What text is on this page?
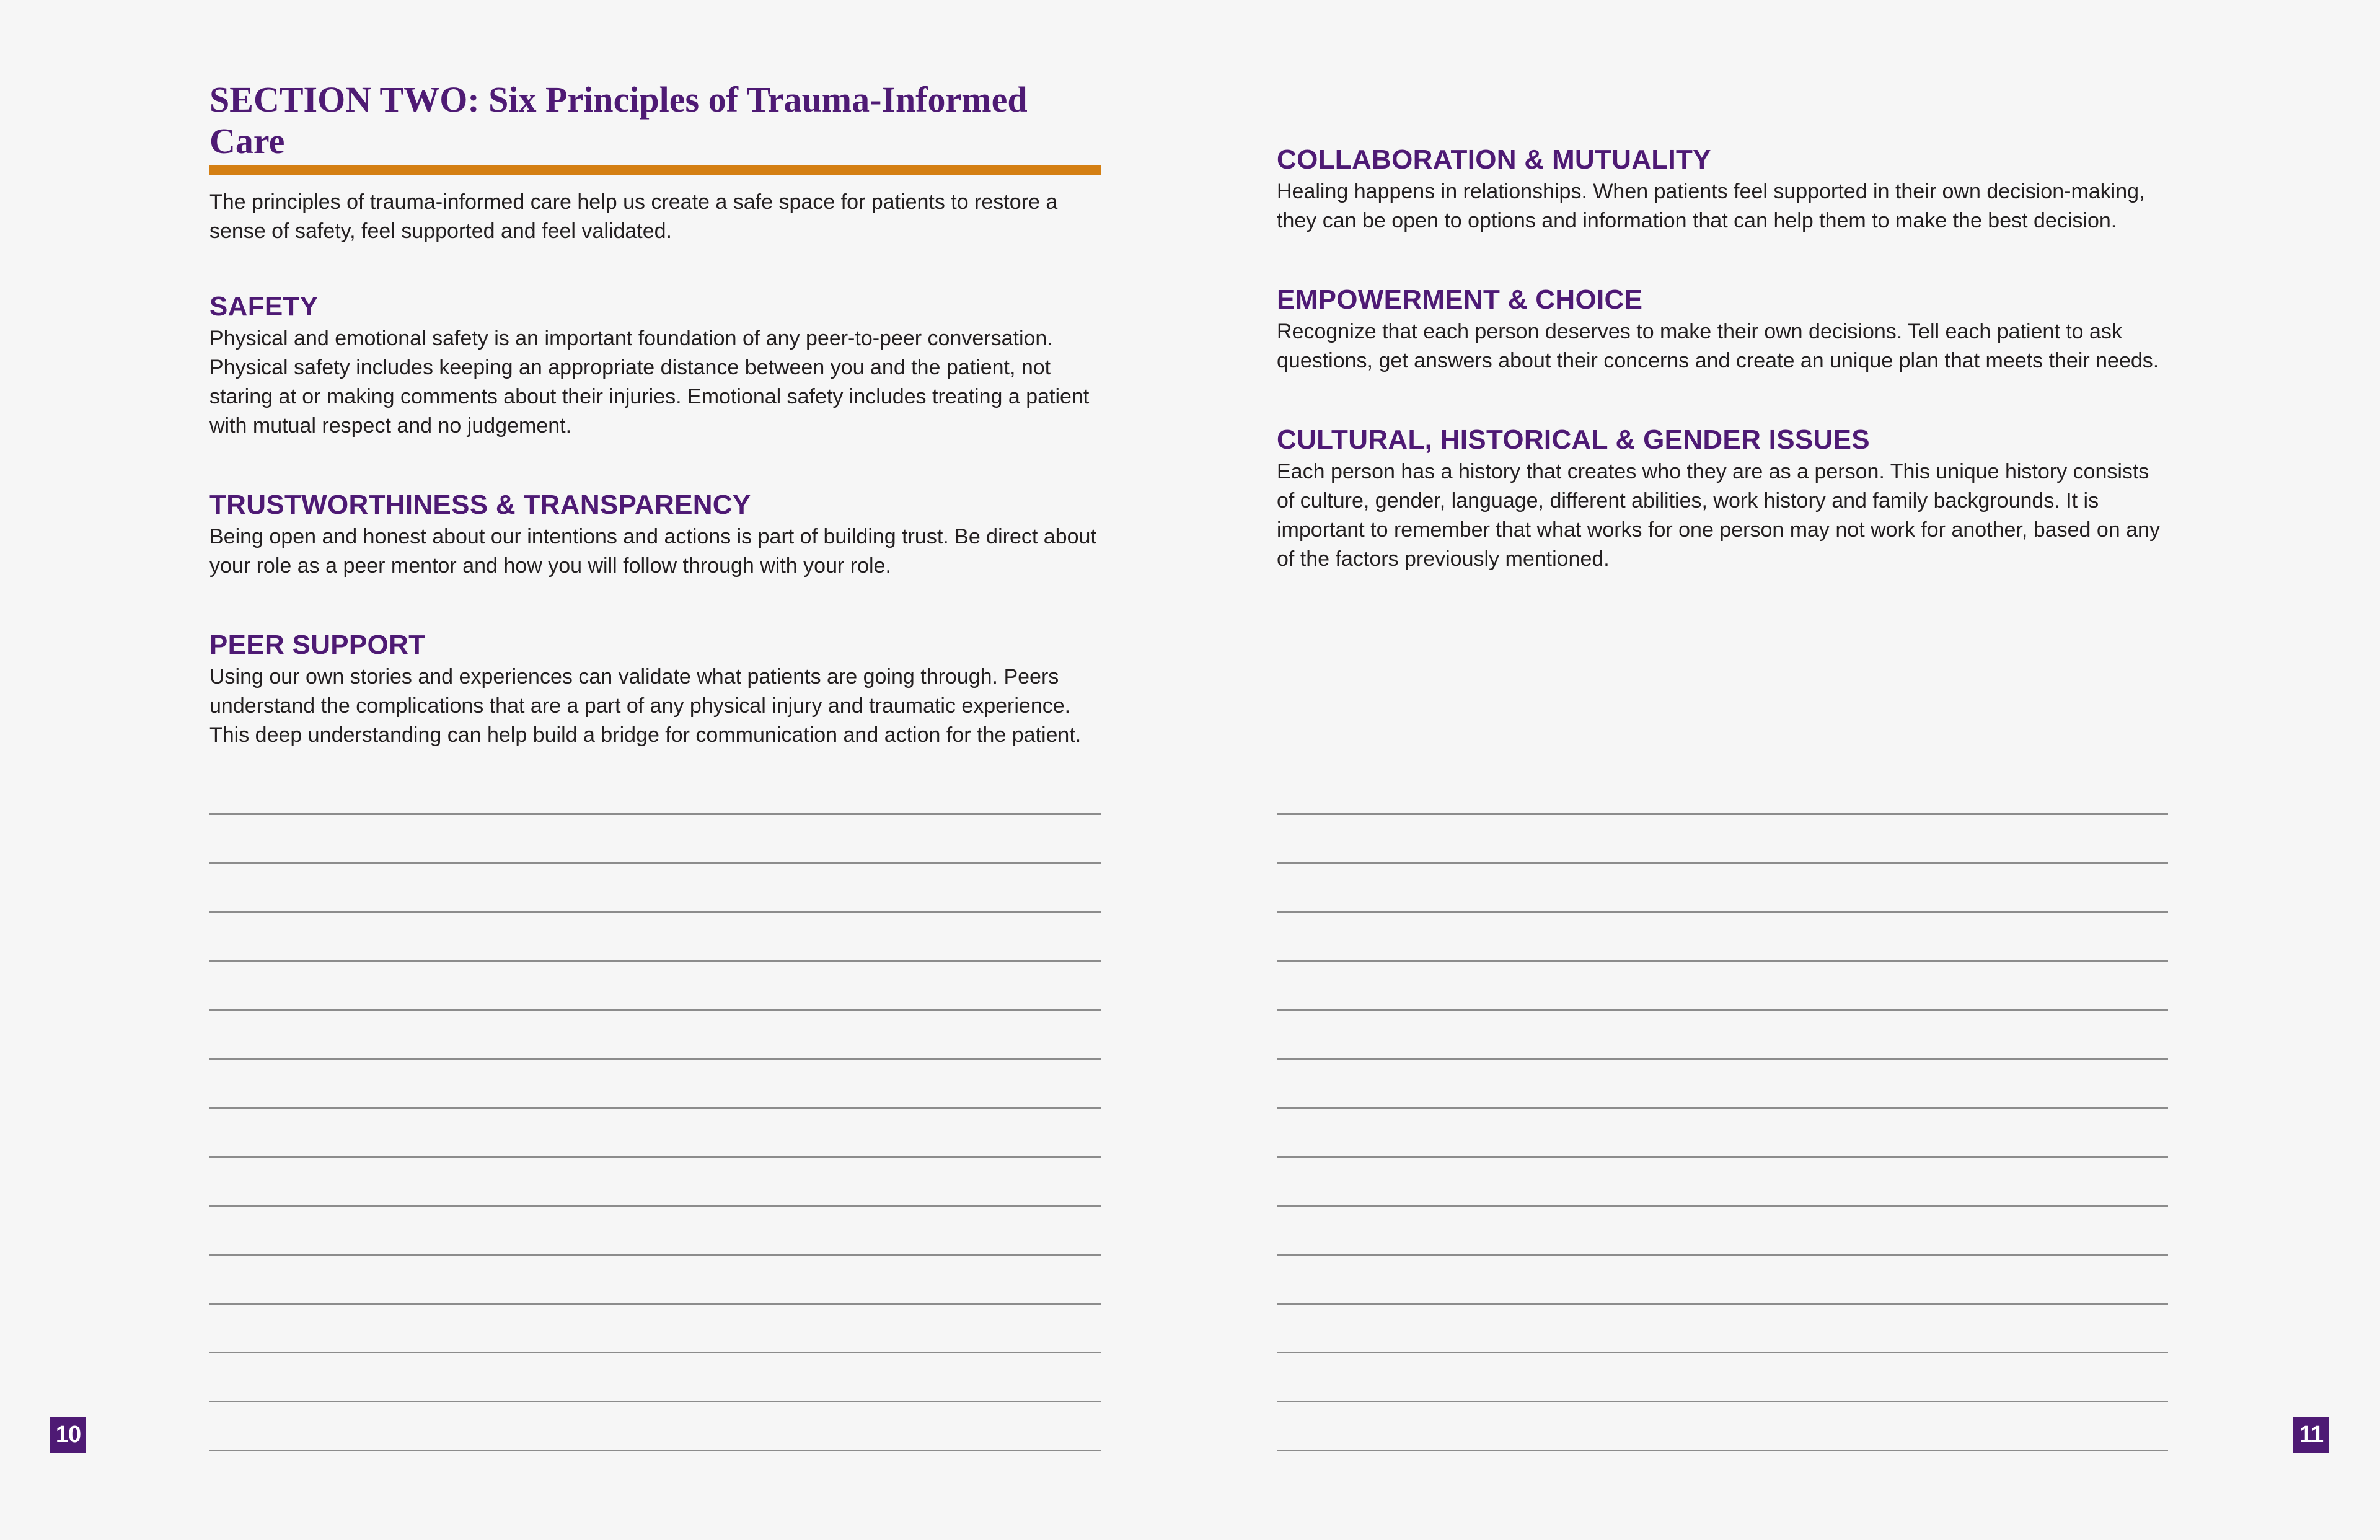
SECTION TWO: Six Principles of Trauma-Informed Care

The principles of trauma-informed care help us create a safe space for patients to restore a sense of safety, feel supported and feel validated.

SAFETY

Physical and emotional safety is an important foundation of any peer-to-peer conversation. Physical safety includes keeping an appropriate distance between you and the patient, not staring at or making comments about their injuries. Emotional safety includes treating a patient with mutual respect and no judgement.

TRUSTWORTHINESS & TRANSPARENCY

Being open and honest about our intentions and actions is part of building trust. Be direct about your role as a peer mentor and how you will follow through with your role.

PEER SUPPORT

Using our own stories and experiences can validate what patients are going through. Peers understand the complications that are a part of any physical injury and traumatic experience. This deep understanding can help build a bridge for communication and action for the patient.

10
COLLABORATION & MUTUALITY

Healing happens in relationships. When patients feel supported in their own decision-making, they can be open to options and information that can help them to make the best decision.

EMPOWERMENT & CHOICE

Recognize that each person deserves to make their own decisions. Tell each patient to ask questions, get answers about their concerns and create an unique plan that meets their needs.

CULTURAL, HISTORICAL & GENDER ISSUES

Each person has a history that creates who they are as a person. This unique history consists of culture, gender, language, different abilities, work history and family backgrounds. It is important to remember that what works for one person may not work for another, based on any of the factors previously mentioned.

11
